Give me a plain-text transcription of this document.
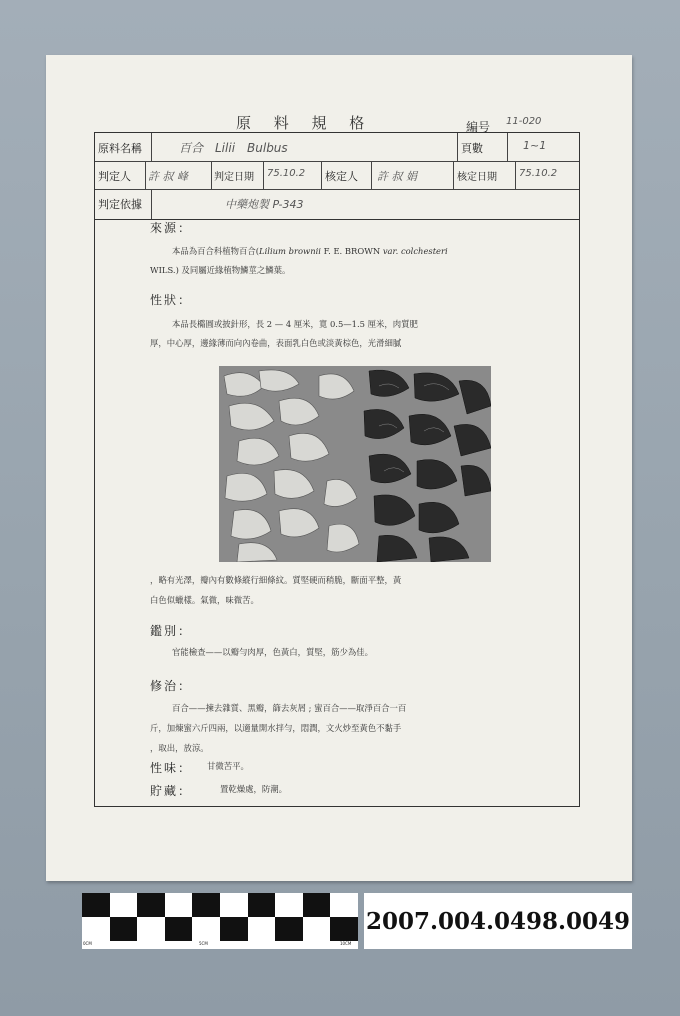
原 料 規 格	編号 11-020
原料名稱	百合　Lilii　Bulbus	頁數	1~1
判定人 許 叔 峰	判定日期 75.10.2 核定人 許 叔 娟	核定日期 75.10.2
判定依據	中藥炮製 P-343
來源：
本品為百合科植物百合(Lilium brownii F. E. BROWN var. colchesteri
WILS.) 及同屬近緣植物鱗莖之鱗葉。
性狀：
本品長橢圓或披針形，長 2 — 4 厘米，寬 0.5—1.5 厘米，肉質肥
厚，中心厚，邊緣薄而向內卷曲，表面乳白色或淡黃棕色，光滑細膩
，略有光澤，瓣內有數條縱行細條紋。質堅硬而稍脆，斷面平整，黃
白色似蠟樣。氣微，味微苦。
鑑別：
官能檢查——以瓣勻肉厚，色黃白，質堅，筋少為佳。
修治：
百合——揀去雜質、黑瓣，篩去灰屑 ; 蜜百合——取淨百合一百
斤，加煉蜜六斤四兩，以適量開水拌勻，悶潤，文火炒至黃色不黏手
，取出，放涼。
性味： 甘微苦平。
貯藏：	置乾燥處，防潮。
0CM	5CM	10CM
2007.004.0498.0049
